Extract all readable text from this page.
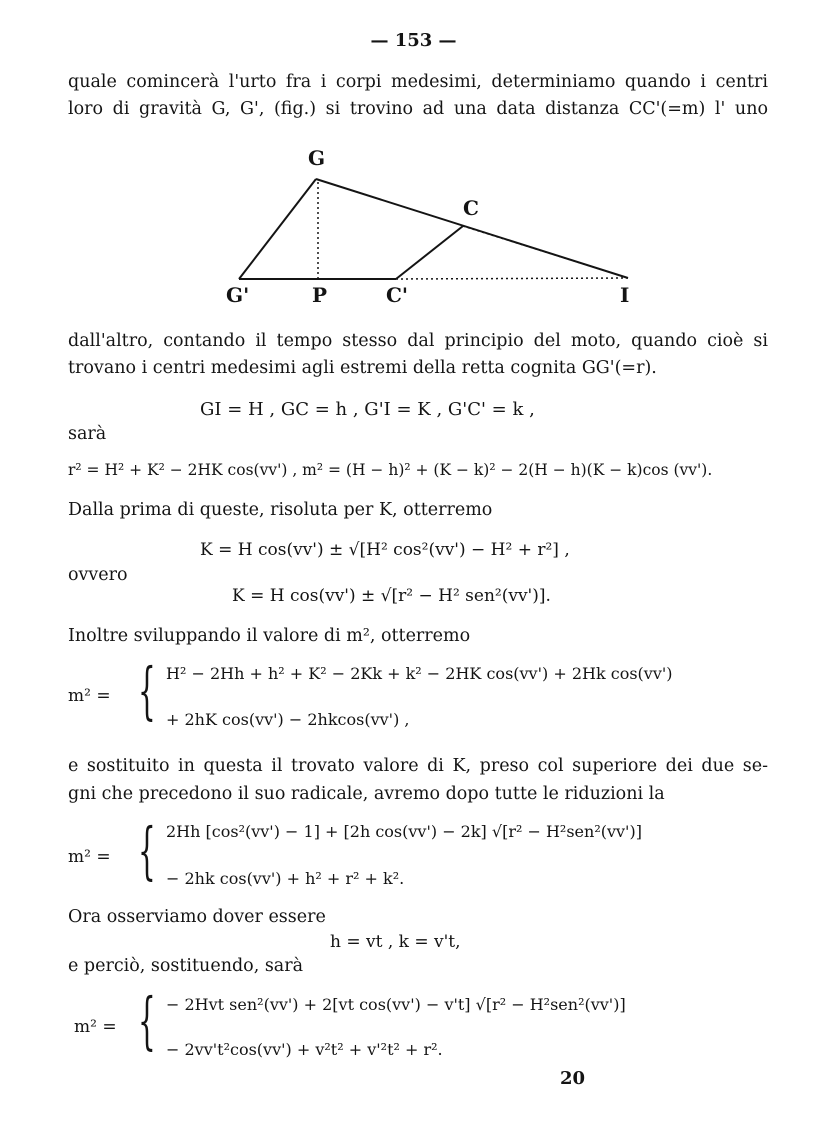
— 153 —
quale comincerà l'urto fra i corpi medesimi, determiniamo quando i centri
loro di gravità G, G', (fig.) si trovino ad una data distanza CC'(=m) l' uno
G
C
G'	P	C'	I
dall'altro, contando il tempo stesso dal principio del moto, quando cioè si
trovano i centri medesimi agli estremi della retta cognita GG'(=r).
GI = H , GC = h , G'I = K , G'C' = k ,
sarà
r² = H² + K² − 2HK cos(vv') , m² = (H − h)² + (K − k)² − 2(H − h)(K − k)cos (vv').
Dalla prima di queste, risoluta per K, otterremo
K = H cos(vv') ± √[H² cos²(vv') − H² + r²] ,
ovvero
K = H cos(vv') ± √[r² − H² sen²(vv')].
Inoltre sviluppando il valore di m², otterremo
m² = { H² − 2Hh + h² + K² − 2Kk + k² − 2HK cos(vv') + 2Hk cos(vv')
+ 2hK cos(vv') − 2hkcos(vv') ,
e sostituito in questa il trovato valore di K, preso col superiore dei due se-
gni che precedono il suo radicale, avremo dopo tutte le riduzioni la
m² = { 2Hh [cos²(vv') − 1] + [2h cos(vv') − 2k] √[r² − H²sen²(vv')]
− 2hk cos(vv') + h² + r² + k².
Ora osserviamo dover essere
h = vt , k = v't,
e perciò, sostituendo, sarà
m² = { − 2Hvt sen²(vv') + 2[vt cos(vv') − v't] √[r² − H²sen²(vv')]
− 2vv't²cos(vv') + v²t² + v'²t² + r².
20
